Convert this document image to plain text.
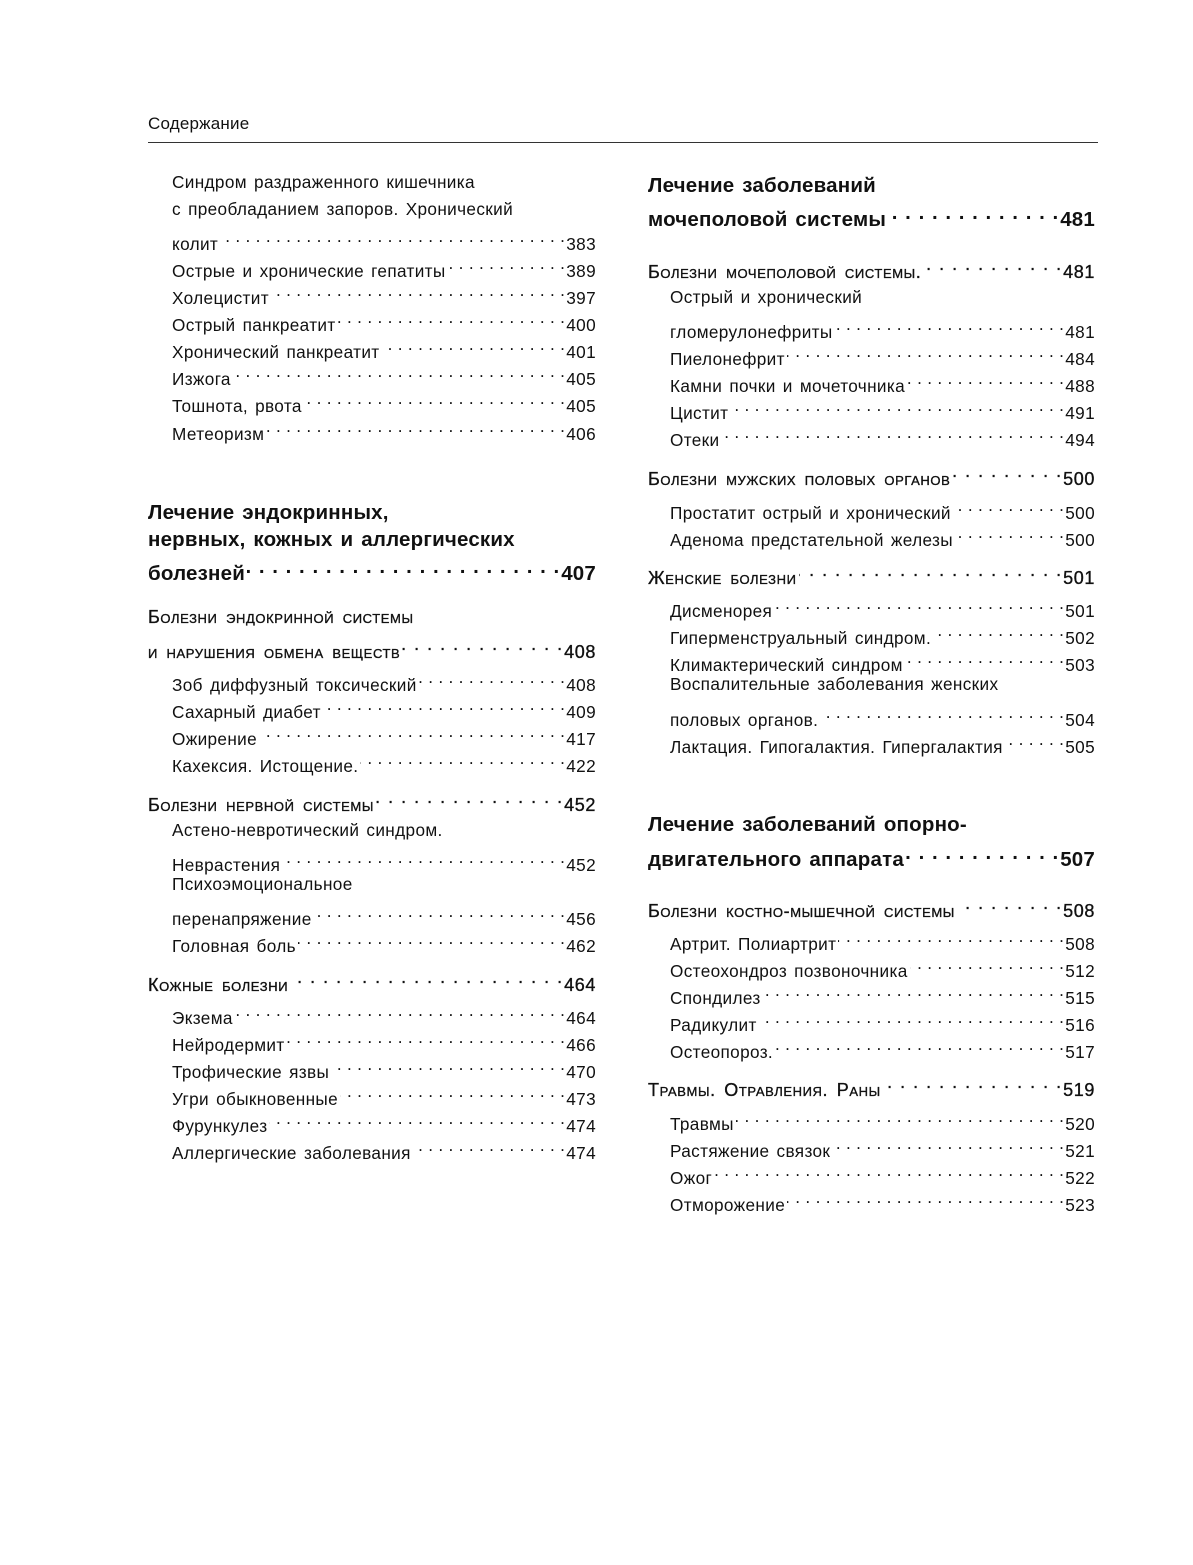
Содержание
Синдром раздраженного кишечника
с преобладанием запоров. Хронический
колит . . .	383
Острые и хронические гепатиты . . .	389
Холецистит . . .	397
Острый панкреатит . . .	400
Хронический панкреатит . . .	401
Изжога . . .	405
Тошнота, рвота . . .	405
Метеоризм . . .	406
Лечение эндокринных,
нервных, кожных и аллергических
болезней . . .	407
Болезни эндокринной системы
и нарушения обмена веществ . . .	408
Зоб диффузный токсический . . .	408
Сахарный диабет . . .	409
Ожирение . . .	417
Кахексия. Истощение. . . .	422
Болезни нервной системы . . .	452
Астено-невротический синдром.
Неврастения . . .	452
Психоэмоциональное
перенапряжение . . .	456
Головная боль . . .	462
Кожные болезни . . .	464
Экзема . . .	464
Нейродермит . . .	466
Трофические язвы . . .	470
Угри обыкновенные . . .	473
Фурункулез . . .	474
Аллергические заболевания . . .	474
Лечение заболеваний
мочеполовой системы . . .	481
Болезни мочеполовой системы. . . .	481
Острый и хронический
гломерулонефриты . . .	481
Пиелонефрит . . .	484
Камни почки и мочеточника . . .	488
Цистит . . .	491
Отеки . . .	494
Болезни мужских половых органов . . .	500
Простатит острый и хронический . . .	500
Аденома предстательной железы . . .	500
Женские болезни . . .	501
Дисменорея . . .	501
Гиперменструальный синдром. . . .	502
Климактерический синдром . . .	503
Воспалительные заболевания женских
половых органов. . . .	504
Лактация. Гипогалактия. Гипергалактия . . .	505
Лечение заболеваний опорно-
двигательного аппарата . . .	507
Болезни костно-мышечной системы . . .	508
Артрит. Полиартрит . . .	508
Остеохондроз позвоночника . . .	512
Спондилез . . .	515
Радикулит . . .	516
Остеопороз. . . .	517
Травмы. Отравления. Раны . . .	519
Травмы . . .	520
Растяжение связок . . .	521
Ожог . . .	522
Отморожение . . .	523
